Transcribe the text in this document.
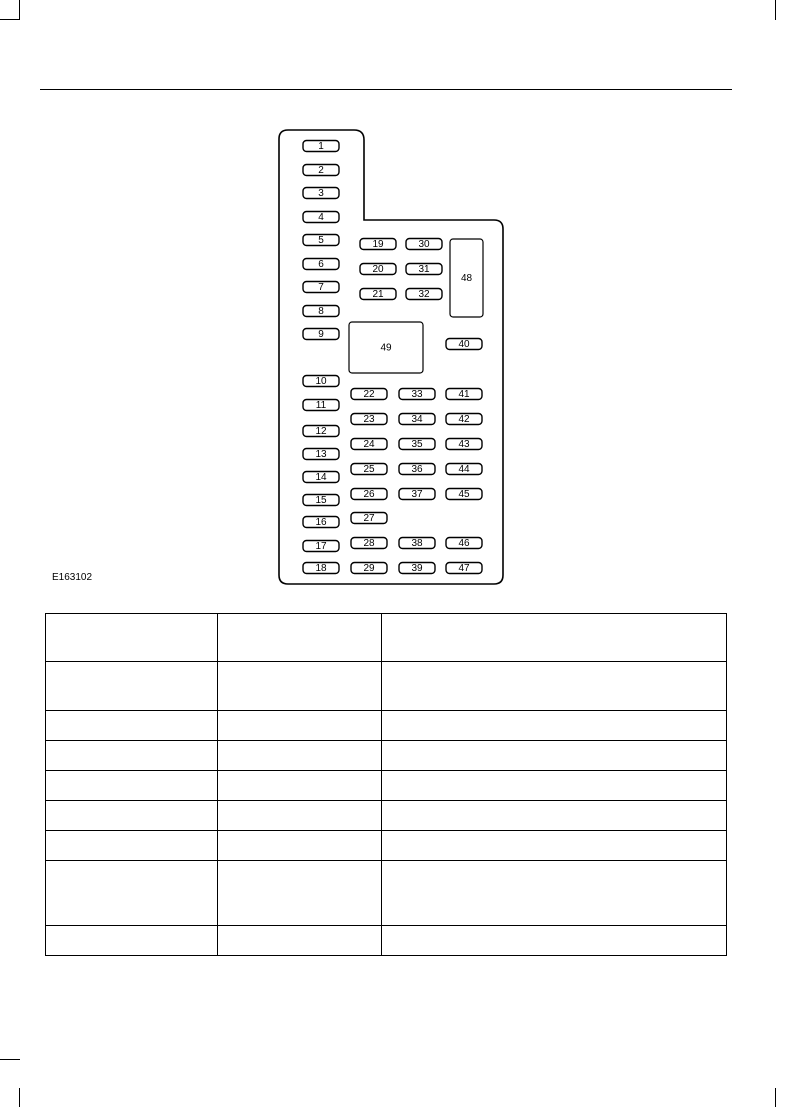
1
2
3
4
5
6
7
8
9
10
11
12
13
14
15
16
17
18
19
20
21
30
31
32
48
49	40
22
23
24
25
26
27
28
29
33
34
35
36
37
38
39
41
42
43
44
45
46
47
E163102
